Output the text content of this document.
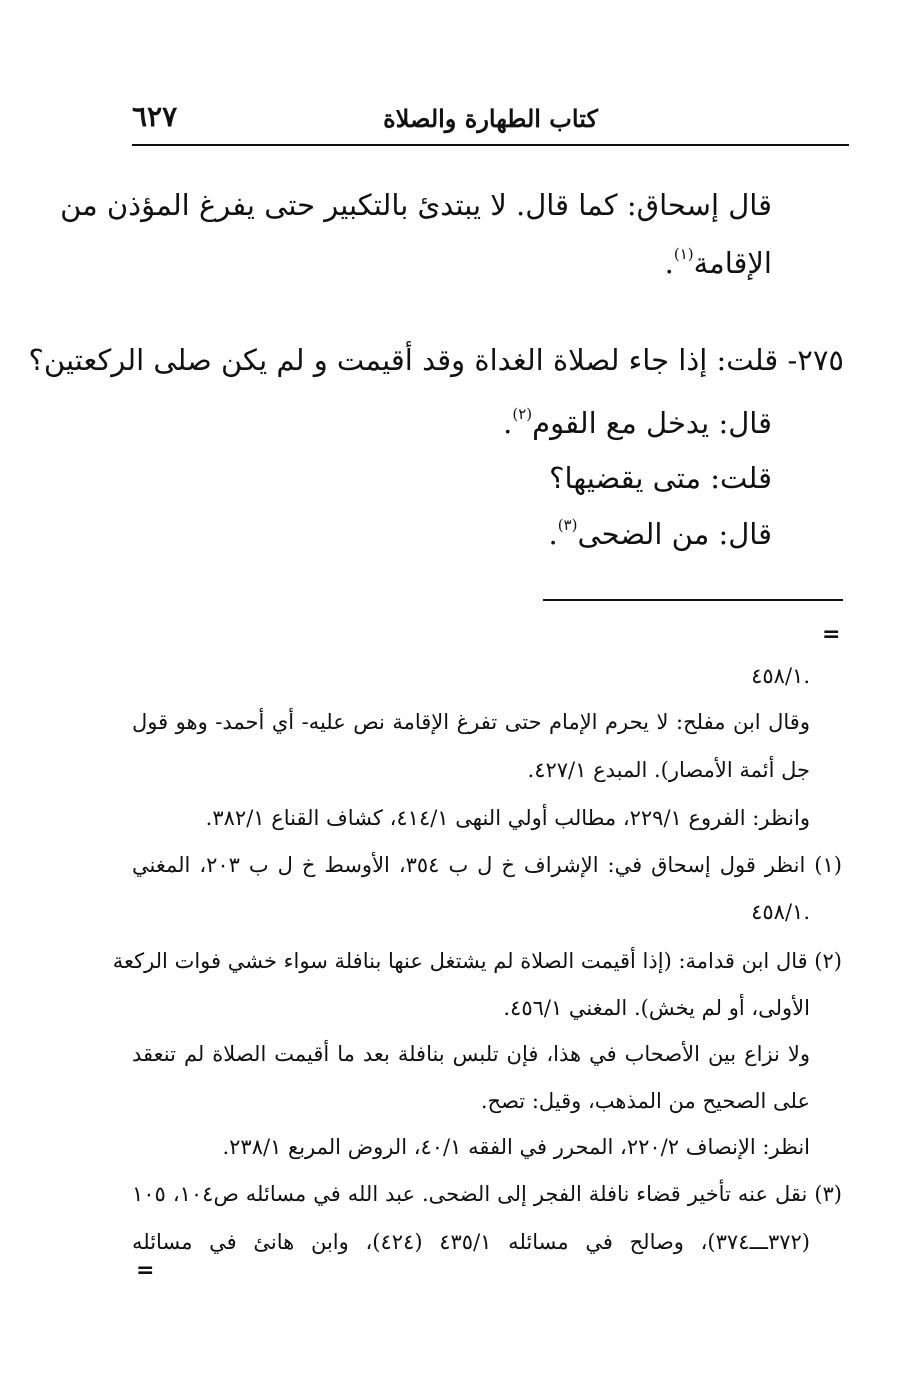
كتاب الطهارة والصلاة
٦٢٧
قال إسحاق: كما قال. لا يبتدئ بالتكبير حتى يفرغ المؤذن من
الإقامة$^{(١)}$.
٢٧٥- قلت: إذا جاء لصلاة الغداة وقد أقيمت و لم يكن صلى الركعتين؟
قال: يدخل مع القوم$^{(٢)}$.
قلت: متى يقضيها؟
قال: من الضحى$^{(٣)}$.
=
.٤٥٨/١
وقال ابن مفلح: لا يحرم الإمام حتى تفرغ الإقامة نص عليه- أي أحمد- وهو قول
جل أئمة الأمصار). المبدع ٤٢٧/١.
وانظر: الفروع ٢٢٩/١، مطالب أولي النهى ٤١٤/١، كشاف القناع ٣٨٢/١.
(١) انظر قول إسحاق في: الإشراف خ ل ب ٣٥٤، الأوسط خ ل ب ٢٠٣، المغني
.٤٥٨/١
(٢) قال ابن قدامة: (إذا أقيمت الصلاة لم يشتغل عنها بنافلة سواء خشي فوات الركعة
الأولى، أو لم يخش). المغني ٤٥٦/١.
ولا نزاع بين الأصحاب في هذا، فإن تلبس بنافلة بعد ما أقيمت الصلاة لم تنعقد
على الصحيح من المذهب، وقيل: تصح.
انظر: الإنصاف ٢٢٠/٢، المحرر في الفقه ٤٠/١، الروض المربع ٢٣٨/١.
(٣) نقل عنه تأخير قضاء نافلة الفجر إلى الضحى. عبد الله في مسائله ص١٠٤، ١٠٥
(٣٧٢ـــ٣٧٤)، وصالح في مسائله ٤٣٥/١ (٤٢٤)، وابن هانئ في مسائله
=
